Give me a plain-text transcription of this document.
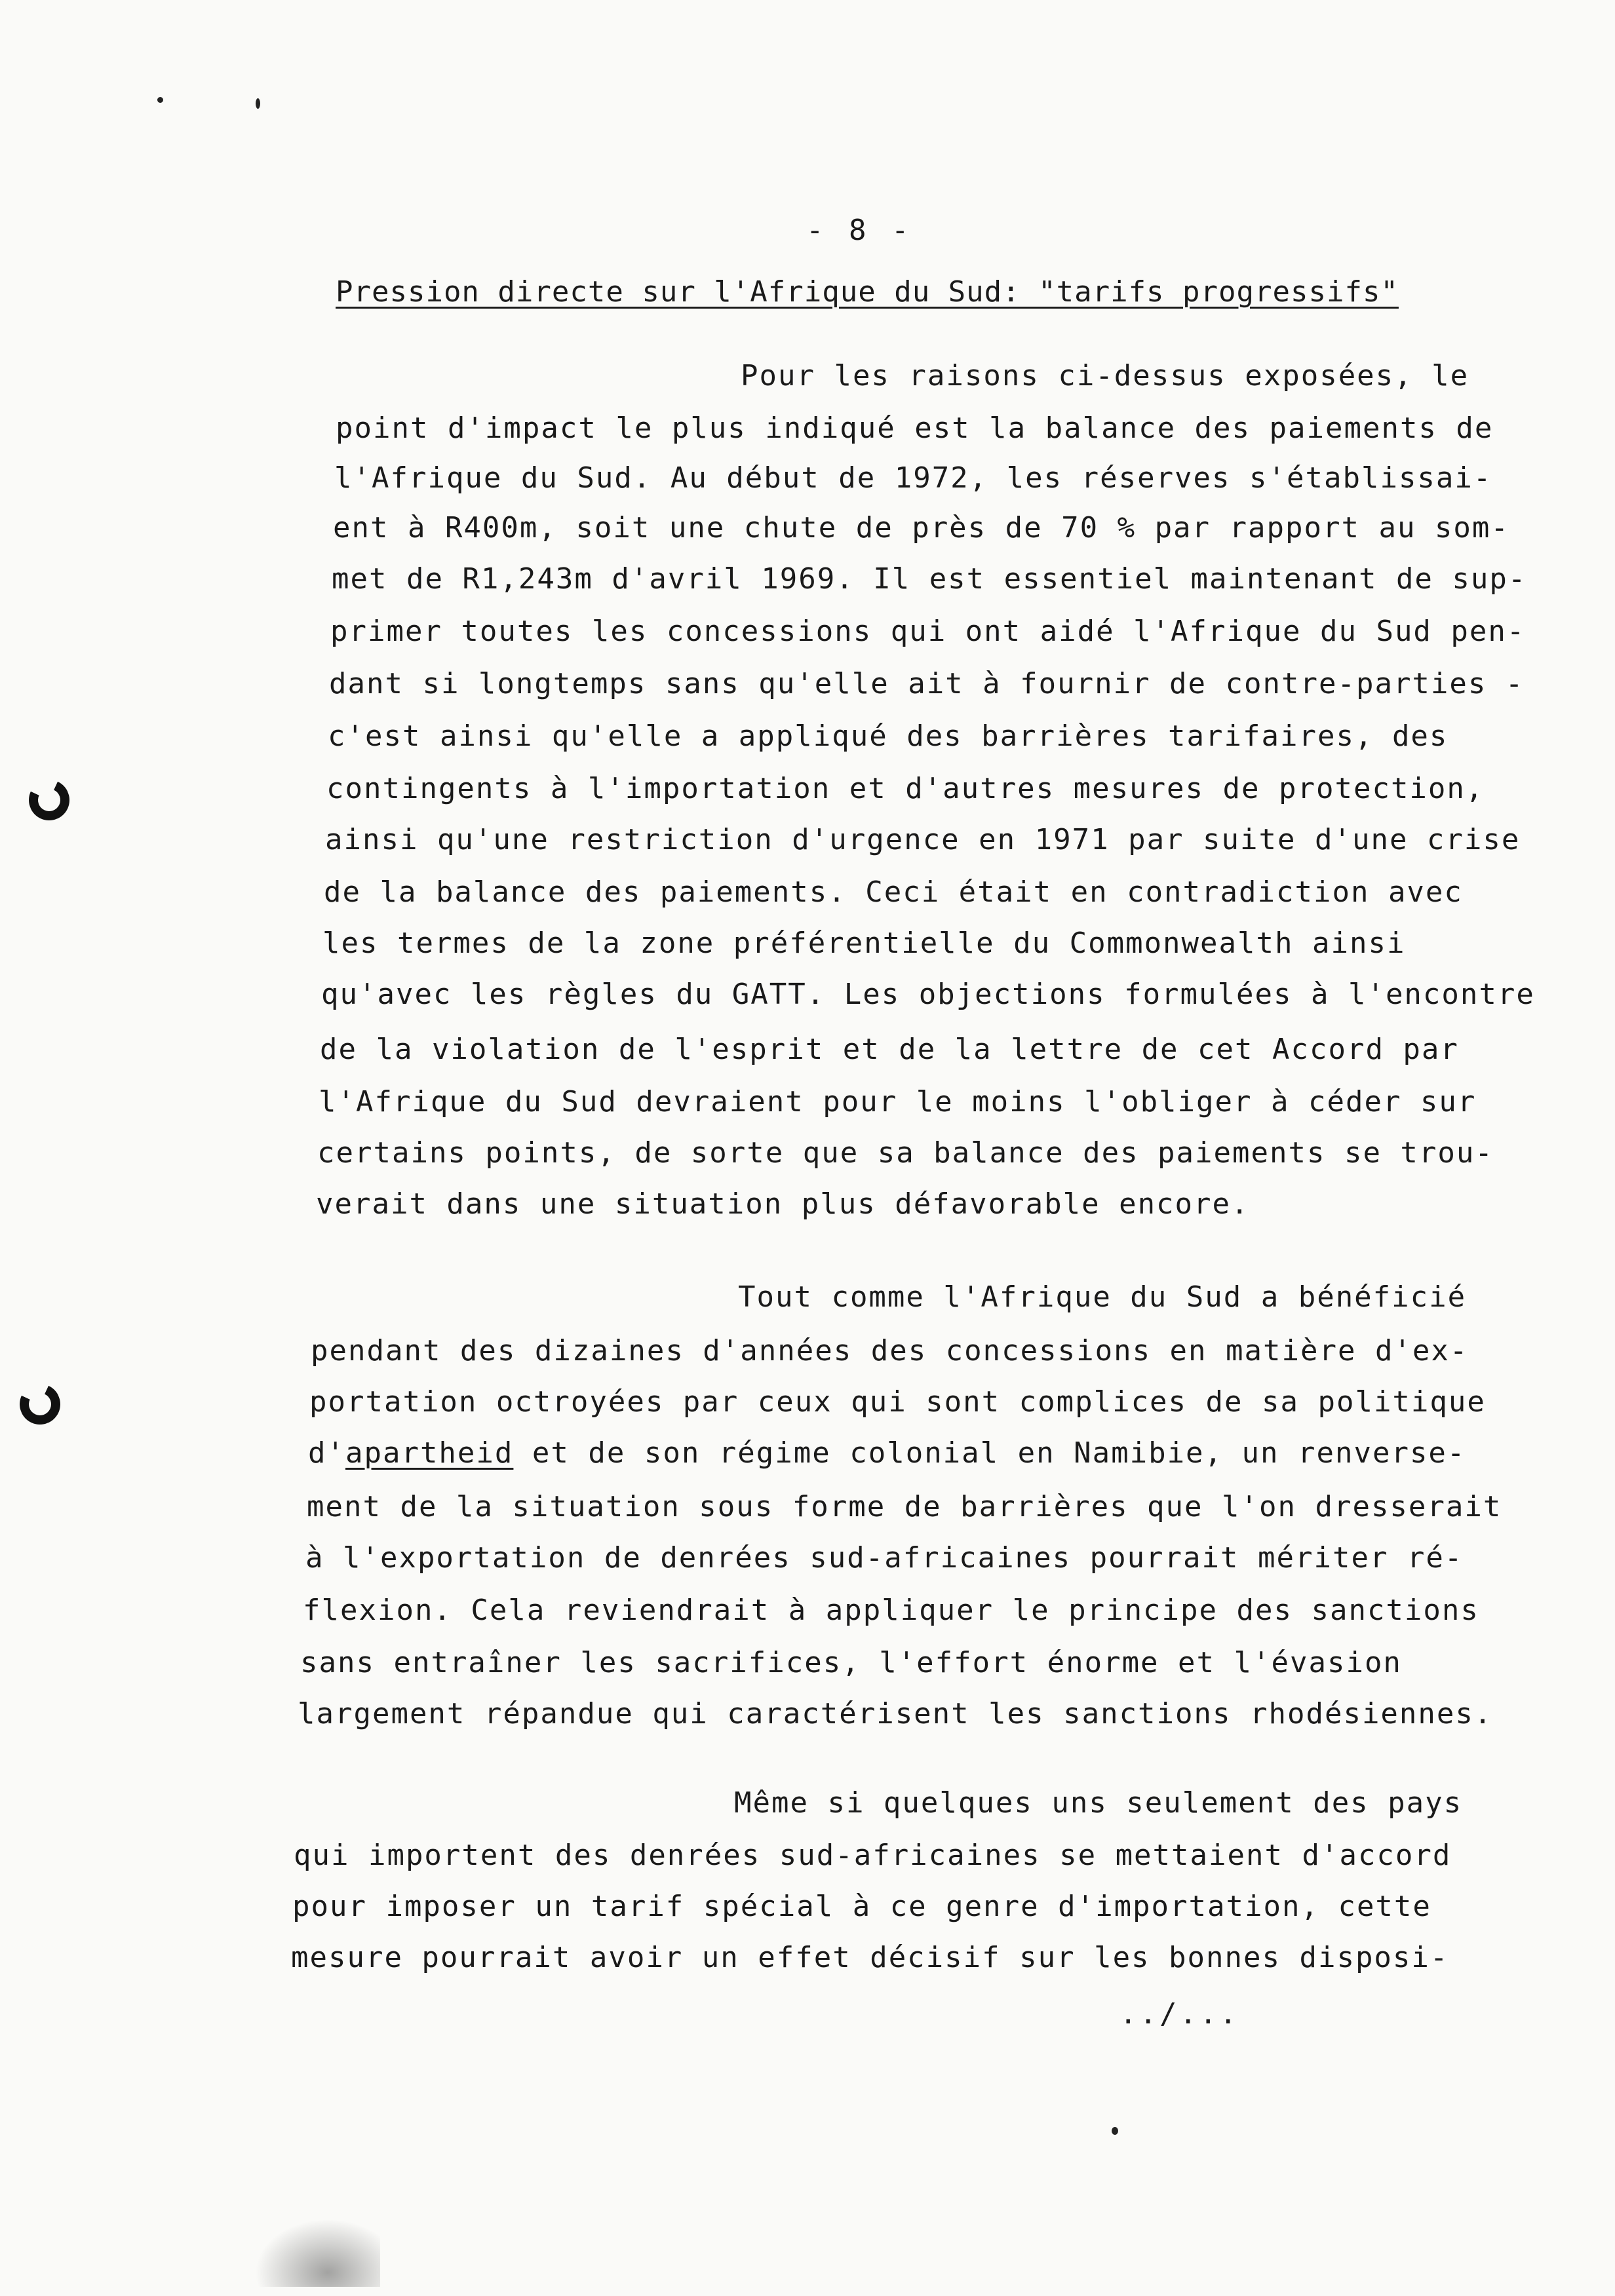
- 8 -
Pression directe sur l'Afrique du Sud: "tarifs progressifs"
Pour les raisons ci-dessus exposées, le
point d'impact le plus indiqué est la balance des paiements de
l'Afrique du Sud. Au début de 1972, les réserves s'établissai-
ent à R400m, soit une chute de près de 70 % par rapport au som-
met de R1,243m d'avril 1969. Il est essentiel maintenant de sup-
primer toutes les concessions qui ont aidé l'Afrique du Sud pen-
dant si longtemps sans qu'elle ait à fournir de contre-parties -
c'est ainsi qu'elle a appliqué des barrières tarifaires, des
contingents à l'importation et d'autres mesures de protection,
ainsi qu'une restriction d'urgence en 1971 par suite d'une crise
de la balance des paiements. Ceci était en contradiction avec
les termes de la zone préférentielle du Commonwealth ainsi
qu'avec les règles du GATT. Les objections formulées à l'encontre
de la violation de l'esprit et de la lettre de cet Accord par
l'Afrique du Sud devraient pour le moins l'obliger à céder sur
certains points, de sorte que sa balance des paiements se trou-
verait dans une situation plus défavorable encore.
Tout comme l'Afrique du Sud a bénéficié
pendant des dizaines d'années des concessions en matière d'ex-
portation octroyées par ceux qui sont complices de sa politique
d'apartheid et de son régime colonial en Namibie, un renverse-
ment de la situation sous forme de barrières que l'on dresserait
à l'exportation de denrées sud-africaines pourrait mériter ré-
flexion. Cela reviendrait à appliquer le principe des sanctions
sans entraîner les sacrifices, l'effort énorme et l'évasion
largement répandue qui caractérisent les sanctions rhodésiennes.
Même si quelques uns seulement des pays
qui importent des denrées sud-africaines se mettaient d'accord
pour imposer un tarif spécial à ce genre d'importation, cette
mesure pourrait avoir un effet décisif sur les bonnes disposi-
../...
